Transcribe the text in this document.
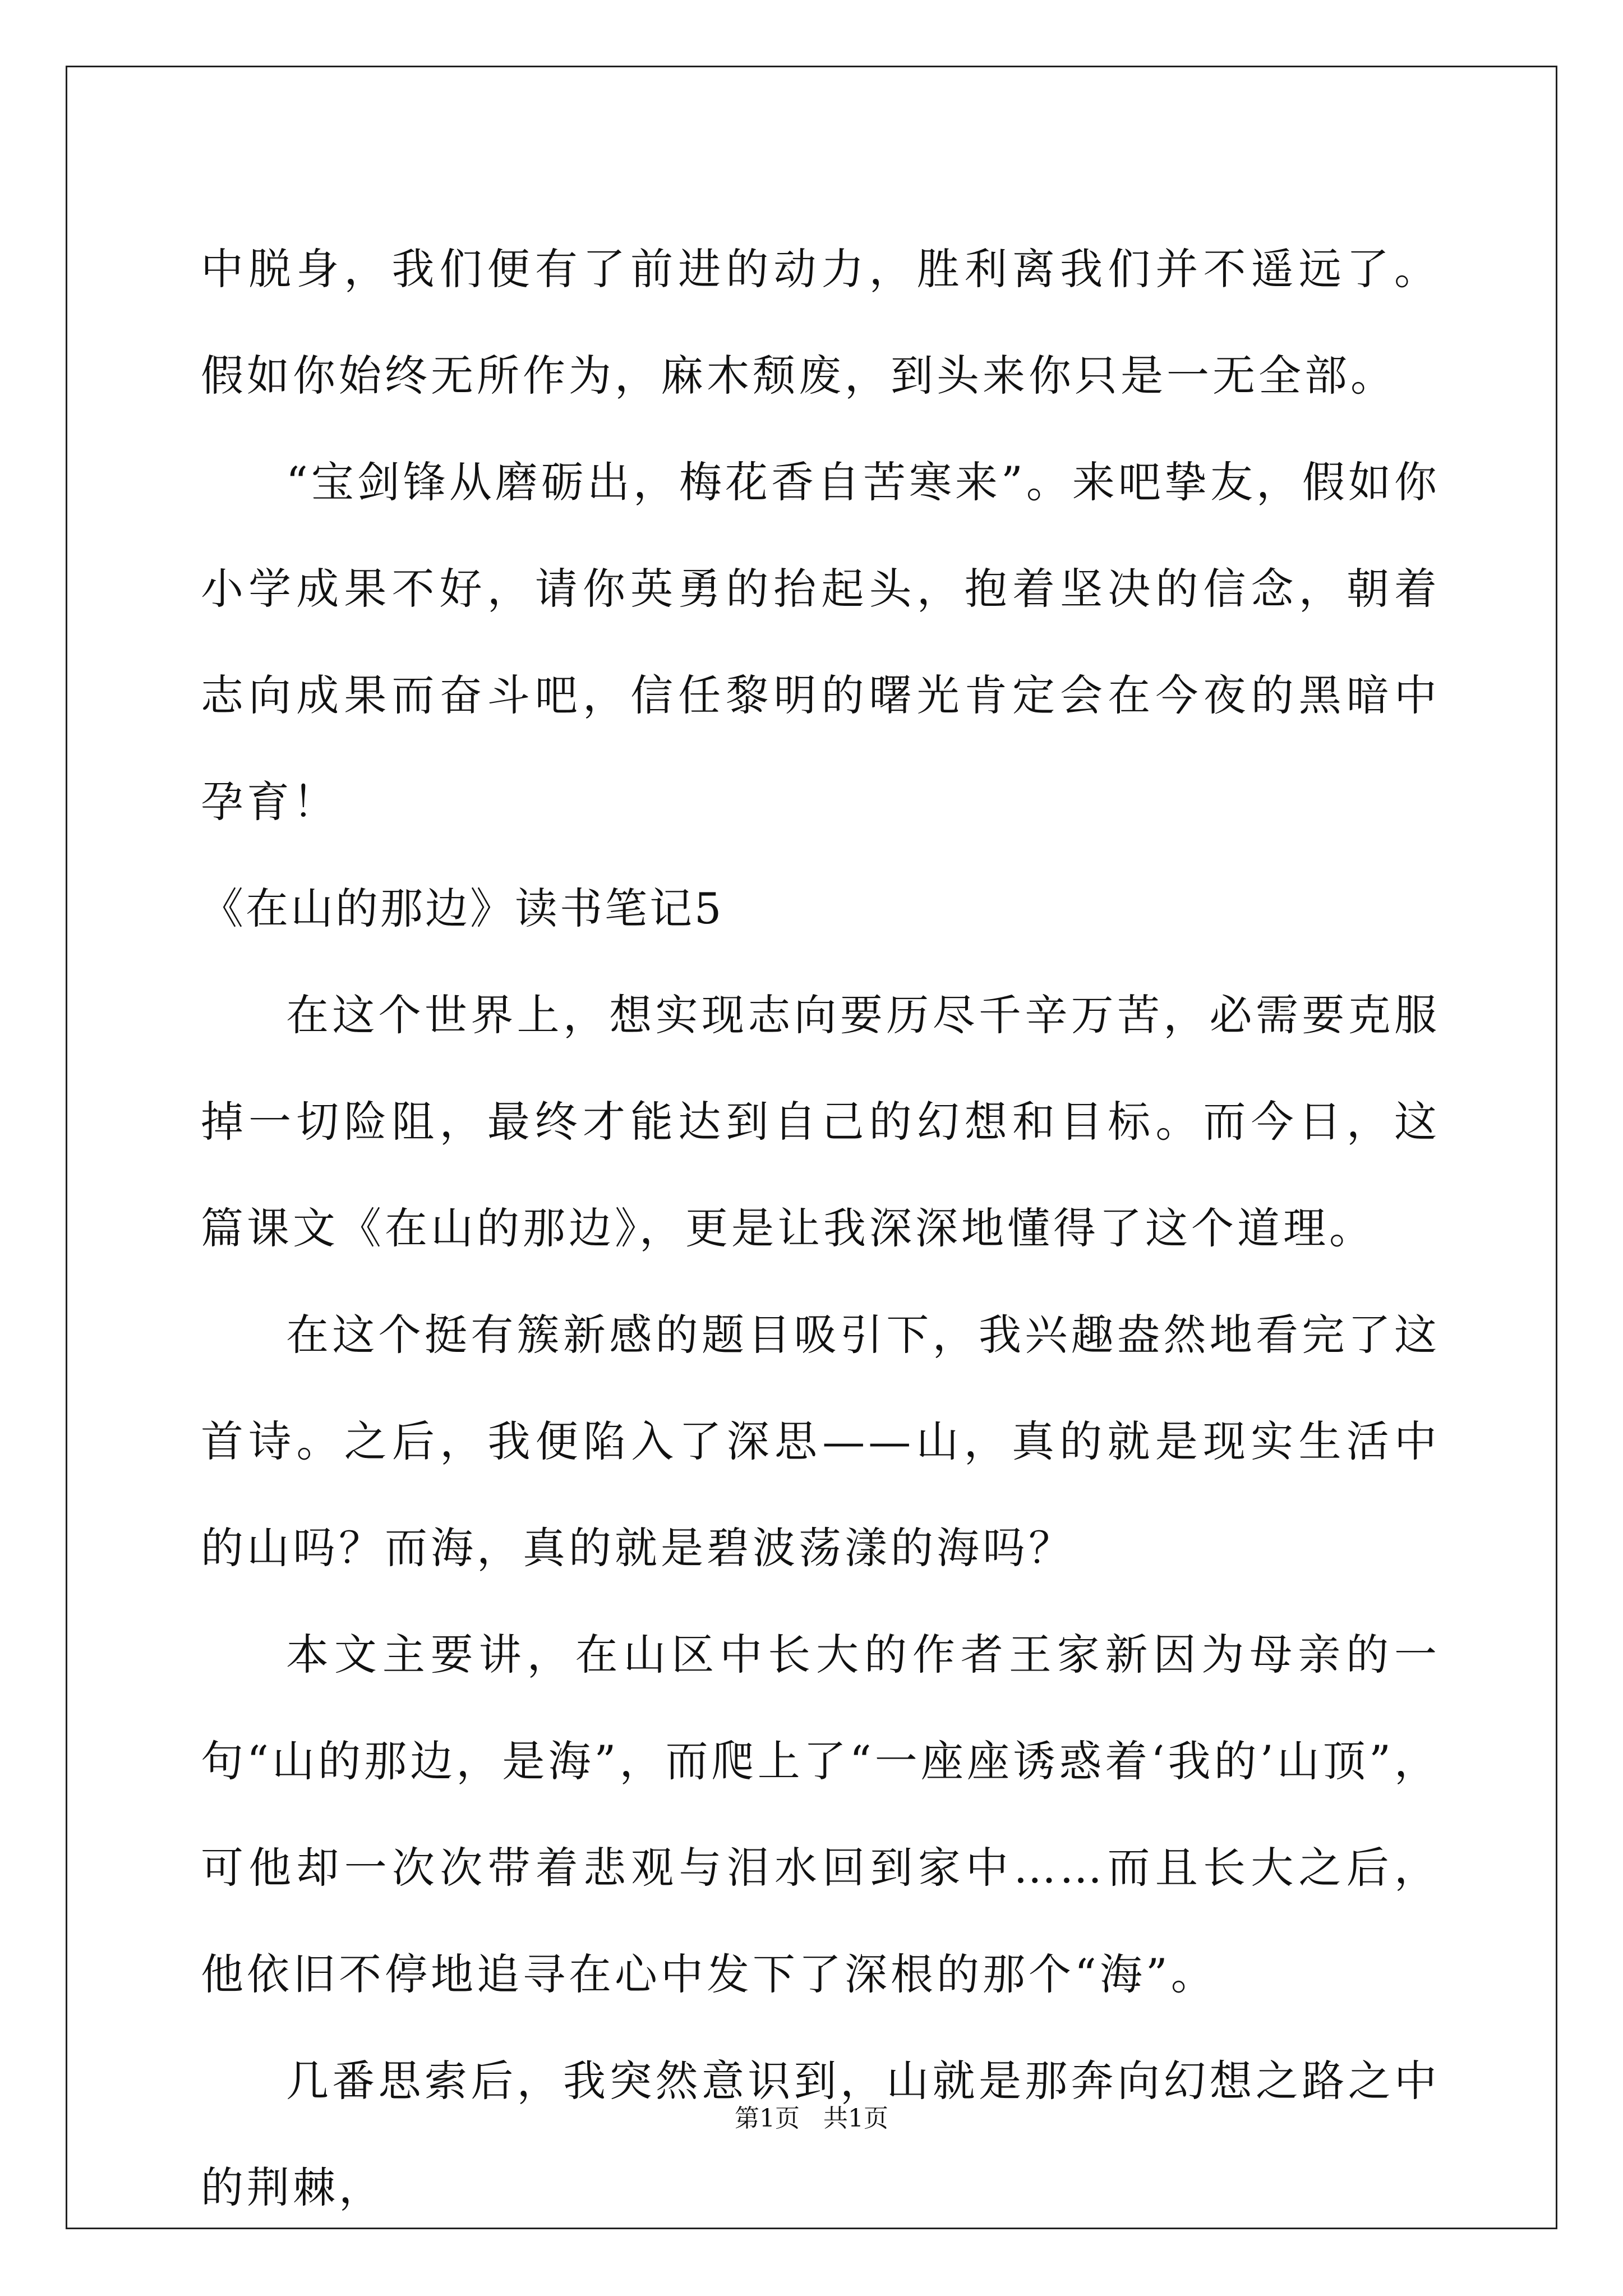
中脱身，我们便有了前进的动力，胜利离我们并不遥远了。假如你始终无所作为，麻木颓废，到头来你只是一无全部。

“宝剑锋从磨砺出，梅花香自苦寒来”。来吧挚友，假如你小学成果不好，请你英勇的抬起头，抱着坚决的信念，朝着志向成果而奋斗吧，信任黎明的曙光肯定会在今夜的黑暗中孕育！

《在山的那边》读书笔记5

在这个世界上，想实现志向要历尽千辛万苦，必需要克服掉一切险阻，最终才能达到自己的幻想和目标。而今日，这篇课文《在山的那边》，更是让我深深地懂得了这个道理。

在这个挺有簇新感的题目吸引下，我兴趣盎然地看完了这首诗。之后，我便陷入了深思——山，真的就是现实生活中的山吗？而海，真的就是碧波荡漾的海吗？

本文主要讲，在山区中长大的作者王家新因为母亲的一句“山的那边，是海”，而爬上了“一座座诱惑着‘我的’山顶”，可他却一次次带着悲观与泪水回到家中……而且长大之后，他依旧不停地追寻在心中发下了深根的那个“海”。

几番思索后，我突然意识到，山就是那奔向幻想之路之中的荆棘，

第1页 共1页
